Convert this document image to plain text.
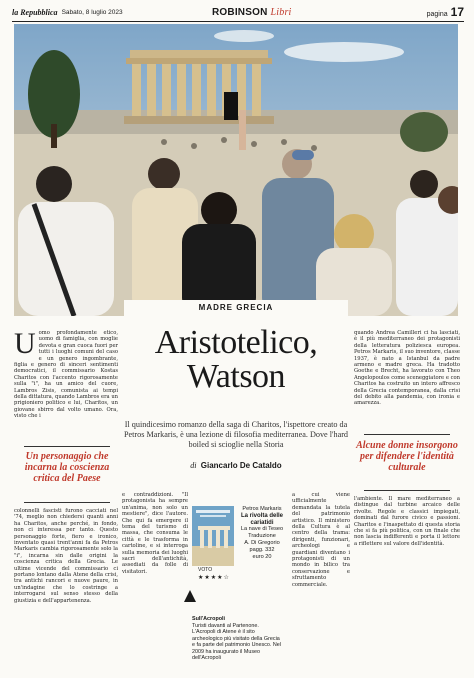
la Repubblica Sabato, 8 luglio 2023	ROBINSON Libri	pagina 17
MADRE GRECIA
Aristotelico,
Watson
Il quindicesimo romanzo della saga di Charitos, l'ispettore creato da Petros Markaris, è una lezione di filosofia mediterranea. Dove l'hard boiled si scioglie nella Storia
di Giancarlo De Cataldo
U omo profondamente etico, uomo di famiglia, con moglie devota e gran cuoca fuori per tutti i luoghi comuni del caso e un genero ingombrante, figlia e genero di sinceri sentimenti democratici, il commissario Kostas Charitos con l'accento rigorosamente sulla "i", ha un amico del cuore, Lambros Zisis, comunista ai tempi della dittatura, quando Lambros era un prigioniero politico e lui, Charitos, un giovane sbirro dal volto umano. Ora, visto che i
quando Andrea Camilleri ci ha lasciati, è il più mediterraneo dei protagonisti della letteratura poliziesca europea. Petros Markaris, il suo inventore, classe 1937, è nato a Istanbul da padre armeno e madre greca. Ha tradotto Goethe e Brecht, ha lavorato con Theo Angelopoulos come sceneggiatore e con Charitos ha costruito un intero affresco della Grecia contemporanea, dalla crisi del debito alla pandemia, con ironia e amarezza.
Un personaggio che incarna la coscienza critica del Paese
Alcune donne insorgono per difendere l'identità culturale
colonnelli fascisti furono cacciati nel '74, meglio non chiedersi quanti anni ha Charitos, anche perché, in fondo, non ci interessa per tanto. Questo personaggio forte, fiero e ironico, inventato quasi trent'anni fa da Petros Markaris cambia rigorosamente solo la "i", incarna sin dalle origini la coscienza critica della Grecia. Le ultime vicende del commissario ci portano lontano dalla Atene della crisi, tra antichi rancori e nuove paure, in un'indagine che lo costringe a interrogarsi sul senso stesso della giustizia e dell'appartenenza.
e contraddizioni. "Il protagonista ha sempre un'anima, non solo un mestiere", dice l'autore. Che qui fa emergere il tema del turismo di massa, che consuma le città e le trasforma in cartoline, e si interroga sulla memoria dei luoghi sacri dell'antichità, assediati da folle di visitatori.
a cui viene ufficialmente demandata la tutela del patrimonio artistico. Il ministero della Cultura è al centro della trama: dirigenti, funzionari, archeologi e guardiani diventano i protagonisti di un mondo in bilico tra conservazione e sfruttamento commerciale.
l'ambiente. Il mare mediterraneo a distingue dal turbine arcaico delle rivolte. Regole e classici impiegati, dominati dal furore civico e passioni. Charitos e l'inaspettato di questa storia che si fa più politica, con un finale che non lascia indifferenti e porta il lettore a riflettere sul valore dell'identità.
Petros Markaris
La rivolta delle cariatidi
La nave di Teseo
Traduzione
A. Di Gregorio
pagg. 332
euro 20
VOTO
★★★★☆
Sull'Acropoli
Turisti davanti al Partenone. L'Acropoli di Atene è il sito archeologico più visitato della Grecia e fa parte del patrimonio Unesco. Nel 2009 ha inaugurato il Museo dell'Acropoli
